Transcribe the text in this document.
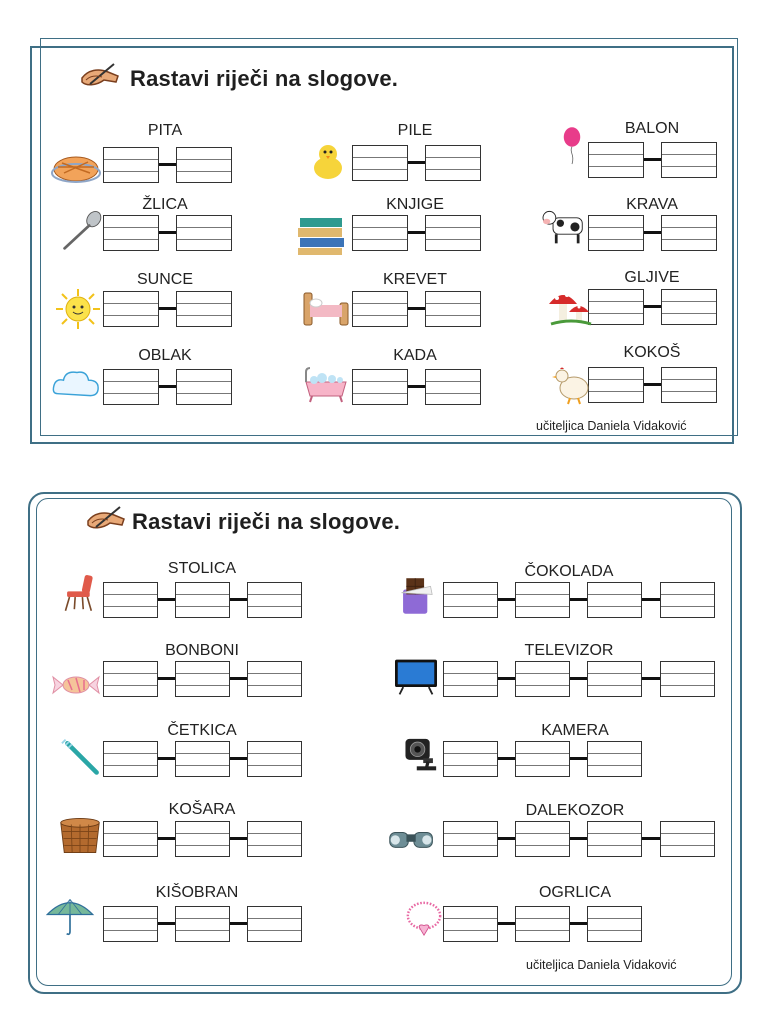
Rastavi riječi na slogove.
PITA	PILE	BALON
ŽLICA	KNJIGE	KRAVA
SUNCE	KREVET	GLJIVE
OBLAK	KADA	KOKOŠ
učiteljica Daniela Vidaković
Rastavi riječi na slogove.
STOLICA	ČOKOLADA
BONBONI	TELEVIZOR
ČETKICA	KAMERA
KOŠARA	DALEKOZOR
KIŠOBRAN	OGRLICA
učiteljica Daniela Vidaković
